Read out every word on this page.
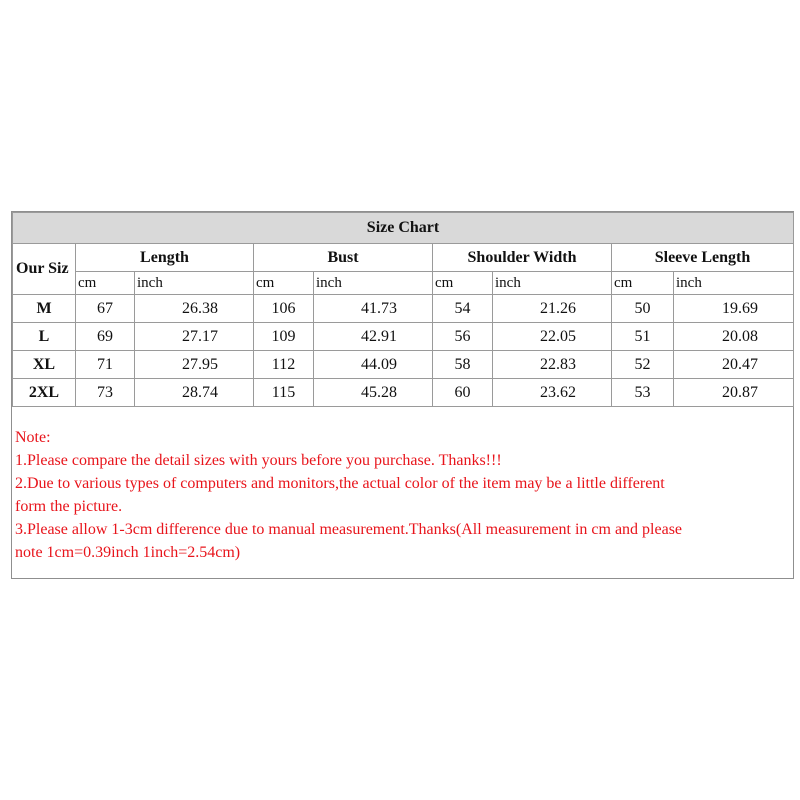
Size Chart								
Our Siz	Length		Bust		Shoulder Width		Sleeve Length	
	cm	inch	cm	inch	cm	inch	cm	inch
M	67	26.38	106	41.73	54	21.26	50	19.69
L	69	27.17	109	42.91	56	22.05	51	20.08
XL	71	27.95	112	44.09	58	22.83	52	20.47
2XL	73	28.74	115	45.28	60	23.62	53	20.87
Note:
1.Please compare the detail sizes with yours before you purchase. Thanks!!!
2.Due to various types of computers and monitors,the actual color of the item may be a little different
form the picture.
3.Please allow 1-3cm difference due to manual measurement.Thanks(All measurement in cm and please
note 1cm=0.39inch 1inch=2.54cm)
